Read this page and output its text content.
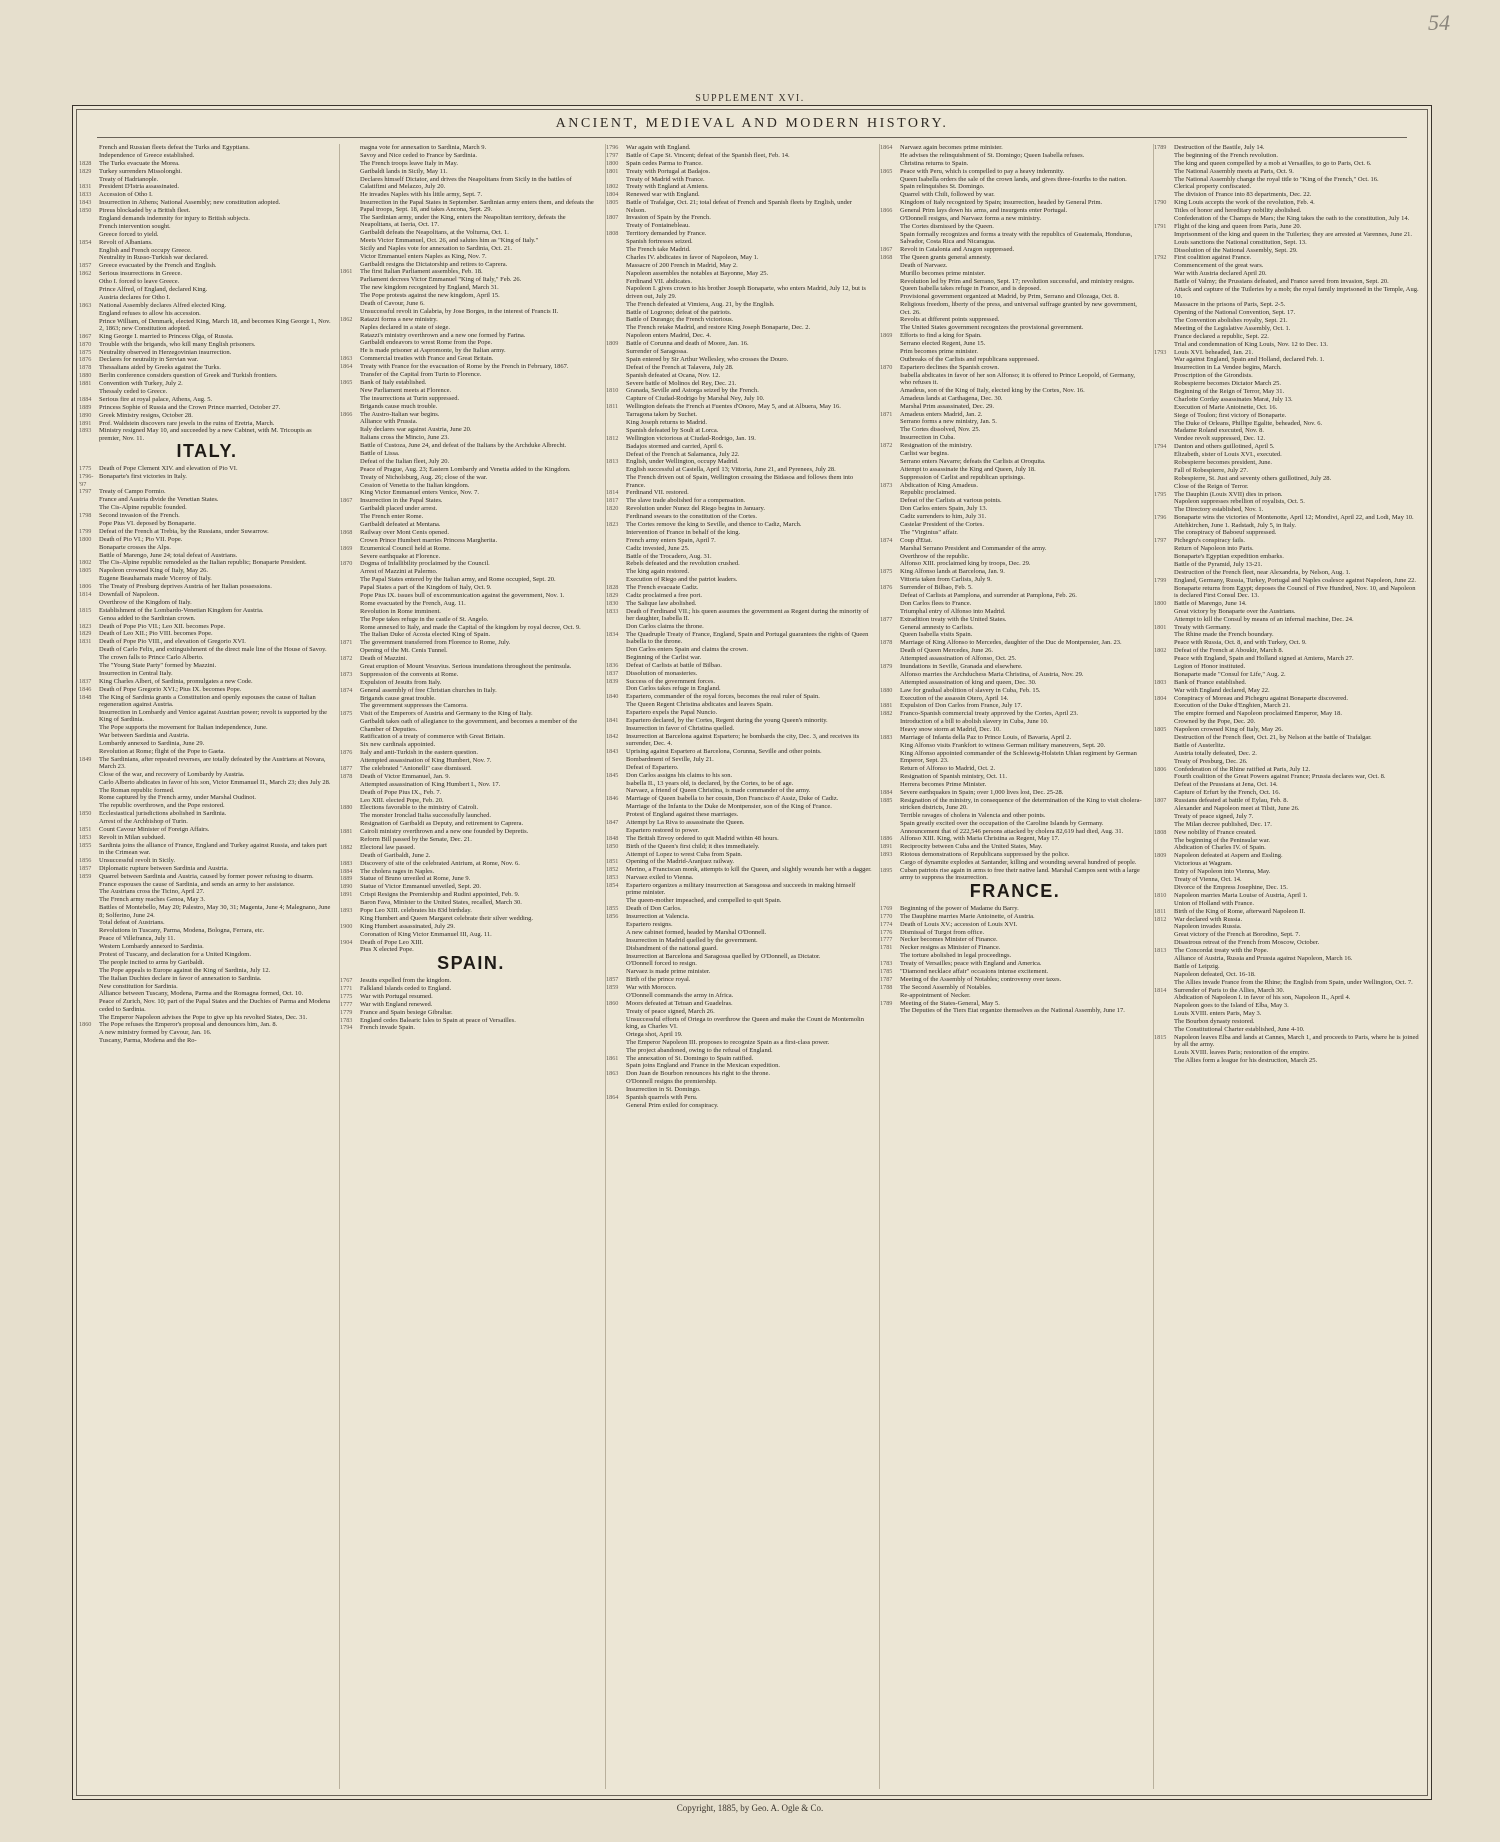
54
SUPPLEMENT XVI.
ANCIENT, MEDIEVAL AND MODERN HISTORY.
French and Russian fleets defeat the Turks and Egyptians.
Independence of Greece established.
1828	The Turks evacuate the Morea.
1829	Turkey surrenders Missolonghi.
Treaty of Hadrianople.
1831	President D'Istria assassinated.
1833	Accession of Otho I.
1843	Insurrection in Athens; National Assembly; new constitution adopted.
1850	Pireus blockaded by a British fleet.
England demands indemnity for injury to British subjects.
French intervention sought.
Greece forced to yield.
1854	Revolt of Albanians.
English and French occupy Greece.
Neutrality in Russo-Turkish war declared.
1857	Greece evacuated by the French and English.
1862	Serious insurrections in Greece.
Otho I. forced to leave Greece.
Prince Alfred, of England, declared King.
Austria declares for Otho I.
1863	National Assembly declares Alfred elected King.
England refuses to allow his accession.
Prince William, of Denmark, elected King, March 18, and becomes King George I., Nov. 2, 1863; new Constitution adopted.
1867	King George I. married to Princess Olga, of Russia.
1870	Trouble with the brigands, who kill many English prisoners.
1875	Neutrality observed in Herzegovinian insurrection.
1876	Declares for neutrality in Servian war.
1878	Thessalians aided by Greeks against the Turks.
1880	Berlin conference considers question of Greek and Turkish frontiers.
1881	Convention with Turkey, July 2.
Thessaly ceded to Greece.
1884	Serious fire at royal palace, Athens, Aug. 5.
1889	Princess Sophie of Russia and the Crown Prince married, October 27.
1890	Greek Ministry resigns, October 28.
1891	Prof. Waldstein discovers rare jewels in the ruins of Eretria, March.
1893	Ministry resigned May 10, and succeeded by a new Cabinet, with M. Tricoupis as premier, Nov. 11.
ITALY.
1775	Death of Pope Clement XIV. and elevation of Pio VI.
1796-'97
Bonaparte's first victories in Italy.
1797	Treaty of Campo Formio.
France and Austria divide the Venetian States.
The Cis-Alpine republic founded.
1798	Second invasion of the French.
Pope Pius VI. deposed by Bonaparte.
1799	Defeat of the French at Trebia, by the Russians, under Suwarrow.
1800	Death of Pio VI.; Pio VII. Pope.
Bonaparte crosses the Alps.
Battle of Marengo, June 24; total defeat of Austrians.
1802	The Cis-Alpine republic remodeled as the Italian republic; Bonaparte President.
1805	Napoleon crowned King of Italy, May 26.
Eugene Beauharnais made Viceroy of Italy.
1806	The Treaty of Presburg deprives Austria of her Italian possessions.
1814	Downfall of Napoleon.
Overthrow of the Kingdom of Italy.
1815	Establishment of the Lombardo-Venetian Kingdom for Austria.
Genoa added to the Sardinian crown.
1823	Death of Pope Pio VII.; Leo XII. becomes Pope.
1829	Death of Leo XII.; Pio VIII. becomes Pope.
1831	Death of Pope Pio VIII., and elevation of Gregorio XVI.
Death of Carlo Felix, and extinguishment of the direct male line of the House of Savoy.
The crown falls to Prince Carlo Alberto.
The "Young State Party" formed by Mazzini.
Insurrection in Central Italy.
1837	King Charles Albert, of Sardinia, promulgates a new Code.
1846	Death of Pope Gregorio XVI.; Pius IX. becomes Pope.
1848	The King of Sardinia grants a Constitution and openly espouses the cause of Italian regeneration against Austria.
Insurrection in Lombardy and Venice against Austrian power; revolt is supported by the King of Sardinia.
The Pope supports the movement for Italian independence, June.
War between Sardinia and Austria.
Lombardy annexed to Sardinia, June 29.
Revolution at Rome; flight of the Pope to Gaeta.
1849	The Sardinians, after repeated reverses, are totally defeated by the Austrians at Novara, March 23.
Close of the war, and recovery of Lombardy by Austria.
Carlo Alberto abdicates in favor of his son, Victor Emmanuel II., March 23; dies July 28.
The Roman republic formed.
Rome captured by the French army, under Marshal Oudinot.
The republic overthrown, and the Pope restored.
1850	Ecclesiastical jurisdictions abolished in Sardinia.
Arrest of the Archbishop of Turin.
1851	Count Cavour Minister of Foreign Affairs.
1853	Revolt in Milan subdued.
1855	Sardinia joins the alliance of France, England and Turkey against Russia, and takes part in the Crimean war.
1856	Unsuccessful revolt in Sicily.
1857	Diplomatic rupture between Sardinia and Austria.
1859	Quarrel between Sardinia and Austria, caused by former power refusing to disarm.
France espouses the cause of Sardinia, and sends an army to her assistance.
The Austrians cross the Ticino, April 27.
The French army reaches Genoa, May 3.
Battles of Montebello, May 20; Palestro, May 30, 31; Magenta, June 4; Malegnano, June 8; Solferino, June 24.
Total defeat of Austrians.
Revolutions in Tuscany, Parma, Modena, Bologna, Ferrara, etc.
Peace of Villefranca, July 11.
Western Lombardy annexed to Sardinia.
Protest of Tuscany, and declaration for a United Kingdom.
The people incited to arms by Garibaldi.
The Pope appeals to Europe against the King of Sardinia, July 12.
The Italian Duchies declare in favor of annexation to Sardinia.
New constitution for Sardinia.
Alliance between Tuscany, Modena, Parma and the Romagna formed, Oct. 10.
Peace of Zurich, Nov. 10; part of the Papal States and the Duchies of Parma and Modena ceded to Sardinia.
The Emperor Napoleon advises the Pope to give up his revolted States, Dec. 31.
1860	The Pope refuses the Emperor's proposal and denounces him, Jan. 8.
A new ministry formed by Cavour, Jan. 16.
Tuscany, Parma, Modena and the Ro-
magna vote for annexation to Sardinia, March 9.
Savoy and Nice ceded to France by Sardinia.
The French troops leave Italy in May.
Garibaldi lands in Sicily, May 11.
Declares himself Dictator, and drives the Neapolitans from Sicily in the battles of Calatifimi and Melazzo, July 20.
He invades Naples with his little army, Sept. 7.
Insurrection in the Papal States in September. Sardinian army enters them, and defeats the Papal troops, Sept. 18, and takes Ancona, Sept. 29.
The Sardinian army, under the King, enters the Neapolitan territory, defeats the Neapolitans, at Iseria, Oct. 17.
Garibaldi defeats the Neapolitans, at the Volturna, Oct. 1.
Meets Victor Emmanuel, Oct. 26, and salutes him as "King of Italy."
Sicily and Naples vote for annexation to Sardinia, Oct. 21.
Victor Emmanuel enters Naples as King, Nov. 7.
Garibaldi resigns the Dictatorship and retires to Caprera.
1861	The first Italian Parliament assembles, Feb. 18.
Parliament decrees Victor Emmanuel "King of Italy," Feb. 26.
The new kingdom recognized by England, March 31.
The Pope protests against the new kingdom, April 15.
Death of Cavour, June 6.
Unsuccessful revolt in Calabria, by Jose Borges, in the interest of Francis II.
1862	Ratazzi forms a new ministry.
Naples declared in a state of siege.
Ratazzi's ministry overthrown and a new one formed by Farina.
Garibaldi endeavors to wrest Rome from the Pope.
He is made prisoner at Aspromonte, by the Italian army.
1863	Commercial treaties with France and Great Britain.
1864	Treaty with France for the evacuation of Rome by the French in February, 1867.
Transfer of the Capital from Turin to Florence.
1865	Bank of Italy established.
New Parliament meets at Florence.
The insurrections at Turin suppressed.
Brigands cause much trouble.
1866	The Austro-Italian war begins.
Alliance with Prussia.
Italy declares war against Austria, June 20.
Italians cross the Mincio, June 23.
Battle of Custoza, June 24, and defeat of the Italians by the Archduke Albrecht.
Battle of Lissa.
Defeat of the Italian fleet, July 20.
Peace of Prague, Aug. 23; Eastern Lombardy and Venetia added to the Kingdom.
Treaty of Nicholsburg, Aug. 26; close of the war.
Cession of Venetia to the Italian kingdom.
King Victor Emmanuel enters Venice, Nov. 7.
1867	Insurrection in the Papal States.
Garibaldi placed under arrest.
The French enter Rome.
Garibaldi defeated at Mentana.
1868	Railway over Mont Cenis opened.
Crown Prince Humbert marries Princess Margherita.
1869	Ecumenical Council held at Rome.
Severe earthquake at Florence.
1870	Dogma of Infallibility proclaimed by the Council.
Arrest of Mazzini at Palermo.
The Papal States entered by the Italian army, and Rome occupied, Sept. 20.
Papal States a part of the Kingdom of Italy, Oct. 9.
Pope Pius IX. issues bull of excommunication against the government, Nov. 1.
Rome evacuated by the French, Aug. 11.
Revolution in Rome imminent.
The Pope takes refuge in the castle of St. Angelo.
Rome annexed to Italy, and made the Capital of the kingdom by royal decree, Oct. 9.
The Italian Duke of Acosta elected King of Spain.
1871	The government transferred from Florence to Rome, July.
Opening of the Mt. Cenis Tunnel.
1872	Death of Mazzini.
Great eruption of Mount Vesuvius. Serious inundations throughout the peninsula.
1873	Suppression of the convents at Rome.
Expulsion of Jesuits from Italy.
1874	General assembly of free Christian churches in Italy.
Brigands cause great trouble.
The government suppresses the Camorra.
1875	Visit of the Emperors of Austria and Germany to the King of Italy.
Garibaldi takes oath of allegiance to the government, and becomes a member of the Chamber of Deputies.
Ratification of a treaty of commerce with Great Britain.
Six new cardinals appointed.
1876	Italy and anti-Turkish in the eastern question.
Attempted assassination of King Humbert, Nov. 7.
1877	The celebrated "Antonelli" case dismissed.
1878	Death of Victor Emmanuel, Jan. 9.
Attempted assassination of King Humbert I., Nov. 17.
Death of Pope Pius IX., Feb. 7.
Leo XIII. elected Pope, Feb. 20.
1880	Elections favorable to the ministry of Cairoli.
The monster Ironclad Italia successfully launched.
Resignation of Garibaldi as Deputy, and retirement to Caprera.
1881	Cairoli ministry overthrown and a new one founded by Depretis.
Reform Bill passed by the Senate, Dec. 21.
1882	Electoral law passed.
Death of Garibaldi, June 2.
1883	Discovery of site of the celebrated Antrium, at Rome, Nov. 6.
1884	The cholera rages in Naples.
1889	Statue of Bruno unveiled at Rome, June 9.
1890	Statue of Victor Emmanuel unveiled, Sept. 20.
1891	Crispi Resigns the Premiership and Rudini appointed, Feb. 9.
Baron Fava, Minister to the United States, recalled, March 30.
1893	Pope Leo XIII. celebrates his 83d birthday.
King Humbert and Queen Margaret celebrate their silver wedding.
1900	King Humbert assassinated, July 29.
Coronation of King Victor Emmanuel III, Aug. 11.
1904	Death of Pope Leo XIII.
Pius X elected Pope.
SPAIN.
1767	Jesuits expelled from the kingdom.
1771	Falkland Islands ceded to England.
1775	War with Portugal resumed.
1777	War with England renewed.
1779	France and Spain besiege Gibraltar.
1783	England cedes Balearic Isles to Spain at peace of Versailles.
1794	French invade Spain.
1796	War again with England.
1797	Battle of Cape St. Vincent; defeat of the Spanish fleet, Feb. 14.
1800	Spain cedes Parma to France.
1801	Treaty with Portugal at Badajos.
Treaty of Madrid with France.
1802	Treaty with England at Amiens.
1804	Renewed war with England.
1805	Battle of Trafalgar, Oct. 21; total defeat of French and Spanish fleets by English, under Nelson.
1807	Invasion of Spain by the French.
Treaty of Fontainebleau.
1808	Territory demanded by France.
Spanish fortresses seized.
The French take Madrid.
Charles IV. abdicates in favor of Napoleon, May 1.
Massacre of 200 French in Madrid, May 2.
Napoleon assembles the notables at Bayonne, May 25.
Ferdinand VII. abdicates.
Napoleon I. gives crown to his brother Joseph Bonaparte, who enters Madrid, July 12, but is driven out, July 29.
The French defeated at Vimiera, Aug. 21, by the English.
Battle of Logrono; defeat of the patriots.
Battle of Durango; the French victorious.
The French retake Madrid, and restore King Joseph Bonaparte, Dec. 2.
Napoleon enters Madrid, Dec. 4.
1809	Battle of Corunna and death of Moore, Jan. 16.
Surrender of Saragossa.
Spain entered by Sir Arthur Wellesley, who crosses the Douro.
Defeat of the French at Talavera, July 28.
Spanish defeated at Ocana, Nov. 12.
Severe battle of Molinos del Rey, Dec. 21.
1810	Granada, Seville and Astorga seized by the French.
Capture of Ciudad-Rodrigo by Marshal Ney, July 10.
1811	Wellington defeats the French at Fuentes d'Onoro, May 5, and at Albuera, May 16.
Tarragona taken by Suchet.
King Joseph returns to Madrid.
Spanish defeated by Soult at Lorca.
1812	Wellington victorious at Ciudad-Rodrigo, Jan. 19.
Badajos stormed and carried, April 6.
Defeat of the French at Salamanca, July 22.
1813	English, under Wellington, occupy Madrid.
English successful at Castella, April 13; Vittoria, June 21, and Pyrenees, July 28.
The French driven out of Spain, Wellington crossing the Bidasoa and follows them into France.
1814	Ferdinand VII. restored.
1817	The slave trade abolished for a compensation.
1820	Revolution under Nunez del Riego begins in January.
Ferdinand swears to the constitution of the Cortes.
1823	The Cortes remove the king to Seville, and thence to Cadiz, March.
Intervention of France in behalf of the king.
French army enters Spain, April 7.
Cadiz invested, June 25.
Battle of the Trocadero, Aug. 31.
Rebels defeated and the revolution crushed.
The king again restored.
Execution of Riego and the patriot leaders.
1828	The French evacuate Cadiz.
1829	Cadiz proclaimed a free port.
1830	The Salique law abolished.
1833	Death of Ferdinand VII.; his queen assumes the government as Regent during the minority of her daughter, Isabella II.
Don Carlos claims the throne.
1834	The Quadruple Treaty of France, England, Spain and Portugal guarantees the rights of Queen Isabella to the throne.
Don Carlos enters Spain and claims the crown.
Beginning of the Carlist war.
1836	Defeat of Carlists at battle of Bilbao.
1837	Dissolution of monasteries.
1839	Success of the government forces.
Don Carlos takes refuge in England.
1840	Espartero, commander of the royal forces, becomes the real ruler of Spain.
The Queen Regent Christina abdicates and leaves Spain.
Espartero expels the Papal Nuncio.
1841	Espartero declared, by the Cortes, Regent during the young Queen's minority.
Insurrection in favor of Christina quelled.
1842	Insurrection at Barcelona against Espartero; he bombards the city, Dec. 3, and receives its surrender, Dec. 4.
1843	Uprising against Espartero at Barcelona, Corunna, Seville and other points.
Bombardment of Seville, July 21.
Defeat of Espartero.
1845	Don Carlos assigns his claims to his son.
Isabella II., 13 years old, is declared, by the Cortes, to be of age.
Narvaez, a friend of Queen Christina, is made commander of the army.
1846	Marriage of Queen Isabella to her cousin, Don Francisco d' Assiz, Duke of Cadiz.
Marriage of the Infanta to the Duke de Montpensier, son of the King of France.
Protest of England against these marriages.
1847	Attempt by La Riva to assassinate the Queen.
Espartero restored to power.
1848	The British Envoy ordered to quit Madrid within 48 hours.
1850	Birth of the Queen's first child; it dies immediately.
Attempt of Lopez to wrest Cuba from Spain.
1851	Opening of the Madrid-Aranjuez railway.
1852	Merino, a Franciscan monk, attempts to kill the Queen, and slightly wounds her with a dagger.
1853	Narvaez exiled to Vienna.
1854	Espartero organizes a military insurrection at Saragossa and succeeds in making himself prime minister.
The queen-mother impeached, and compelled to quit Spain.
1855	Death of Don Carlos.
1856	Insurrection at Valencia.
Espartero resigns.
A new cabinet formed, headed by Marshal O'Donnell.
Insurrection in Madrid quelled by the government.
Disbandment of the national guard.
Insurrection at Barcelona and Saragossa quelled by O'Donnell, as Dictator.
O'Donnell forced to resign.
Narvaez is made prime minister.
1857	Birth of the prince royal.
1859	War with Morocco.
O'Donnell commands the army in Africa.
1860	Moors defeated at Tetuan and Guadelras.
Treaty of peace signed, March 26.
Unsuccessful efforts of Ortega to overthrow the Queen and make the Count de Montemolin king, as Charles VI.
Ortega shot, April 19.
The Emperor Napoleon III. proposes to recognize Spain as a first-class power.
The project abandoned, owing to the refusal of England.
1861	The annexation of St. Domingo to Spain ratified.
Spain joins England and France in the Mexican expedition.
1863	Don Juan de Bourbon renounces his right to the throne.
O'Donnell resigns the premiership.
Insurrection in St. Domingo.
1864	Spanish quarrels with Peru.
General Prim exiled for conspiracy.
1864	Narvaez again becomes prime minister.
He advises the relinquishment of St. Domingo; Queen Isabella refuses.
Christina returns to Spain.
1865	Peace with Peru, which is compelled to pay a heavy indemnity.
Queen Isabella orders the sale of the crown lands, and gives three-fourths to the nation.
Spain relinquishes St. Domingo.
Quarrel with Chili, followed by war.
Kingdom of Italy recognized by Spain; insurrection, headed by General Prim.
1866	General Prim lays down his arms, and insurgents enter Portugal.
O'Donnell resigns, and Narvaez forms a new ministry.
The Cortes dismissed by the Queen.
Spain formally recognizes and forms a treaty with the republics of Guatemala, Honduras, Salvador, Costa Rica and Nicaragua.
1867	Revolt in Catalonia and Aragon suppressed.
1868	The Queen grants general amnesty.
Death of Narvaez.
Murillo becomes prime minister.
Revolution led by Prim and Serrano, Sept. 17; revolution successful, and ministry resigns.
Queen Isabella takes refuge in France, and is deposed.
Provisional government organized at Madrid, by Prim, Serrano and Olozaga, Oct. 8.
Religious freedom, liberty of the press, and universal suffrage granted by new government, Oct. 26.
Revolts at different points suppressed.
The United States government recognizes the provisional government.
1869	Efforts to find a king for Spain.
Serrano elected Regent, June 15.
Prim becomes prime minister.
Outbreaks of the Carlists and republicans suppressed.
1870	Espartero declines the Spanish crown.
Isabella abdicates in favor of her son Alfonso; it is offered to Prince Leopold, of Germany, who refuses it.
Amadeus, son of the King of Italy, elected king by the Cortes, Nov. 16.
Amadeus lands at Carthagena, Dec. 30.
Marshal Prim assassinated, Dec. 29.
1871	Amadeus enters Madrid, Jan. 2.
Serrano forms a new ministry, Jan. 5.
The Cortes dissolved, Nov. 25.
Insurrection in Cuba.
1872	Resignation of the ministry.
Carlist war begins.
Serrano enters Navarre; defeats the Carlists at Oroquita.
Attempt to assassinate the King and Queen, July 18.
Suppression of Carlist and republican uprisings.
1873	Abdication of King Amadeus.
Republic proclaimed.
Defeat of the Carlists at various points.
Don Carlos enters Spain, July 13.
Cadiz surrenders to him, July 31.
Castelar President of the Cortes.
The "Virginius" affair.
1874	Coup d'Etat.
Marshal Serrano President and Commander of the army.
Overthrow of the republic.
Alfonso XIII. proclaimed king by troops, Dec. 29.
1875	King Alfonso lands at Barcelona, Jan. 9.
Vittoria taken from Carlists, July 9.
1876	Surrender of Bilbao, Feb. 5.
Defeat of Carlists at Pamplona, and surrender at Pamplona, Feb. 26.
Don Carlos flees to France.
Triumphal entry of Alfonso into Madrid.
1877	Extradition treaty with the United States.
General amnesty to Carlists.
Queen Isabella visits Spain.
1878	Marriage of King Alfonso to Mercedes, daughter of the Duc de Montpensier, Jan. 23.
Death of Queen Mercedes, June 26.
Attempted assassination of Alfonso, Oct. 25.
1879	Inundations in Seville, Granada and elsewhere.
Alfonso marries the Archduchess Maria Christina, of Austria, Nov. 29.
Attempted assassination of king and queen, Dec. 30.
1880	Law for gradual abolition of slavery in Cuba, Feb. 15.
Execution of the assassin Otero, April 14.
1881	Expulsion of Don Carlos from France, July 17.
1882	Franco-Spanish commercial treaty approved by the Cortes, April 23.
Introduction of a bill to abolish slavery in Cuba, June 10.
Heavy snow storm at Madrid, Dec. 10.
1883	Marriage of Infanta della Paz to Prince Louis, of Bavaria, April 2.
King Alfonso visits Frankfort to witness German military maneuvers, Sept. 20.
King Alfonso appointed commander of the Schleswig-Holstein Uhlan regiment by German Emperor, Sept. 23.
Return of Alfonso to Madrid, Oct. 2.
Resignation of Spanish ministry, Oct. 11.
Herrera becomes Prime Minister.
1884	Severe earthquakes in Spain; over 1,000 lives lost, Dec. 25-28.
1885	Resignation of the ministry, in consequence of the determination of the King to visit cholera-stricken districts, June 20.
Terrible ravages of cholera in Valencia and other points.
Spain greatly excited over the occupation of the Caroline Islands by Germany.
Announcement that of 222,546 persons attacked by cholera 82,619 had died, Aug. 31.
1886	Alfonso XIII. King, with Maria Christina as Regent, May 17.
1891	Reciprocity between Cuba and the United States, May.
1893	Riotous demonstrations of Republicans suppressed by the police.
Cargo of dynamite explodes at Santander, killing and wounding several hundred of people.
1895	Cuban patriots rise again in arms to free their native land. Marshal Campos sent with a large army to suppress the insurrection.
FRANCE.
1769	Beginning of the power of Madame du Barry.
1770	The Dauphine marries Marie Antoinette, of Austria.
1774	Death of Louis XV.; accession of Louis XVI.
1776	Dismissal of Turgot from office.
1777	Necker becomes Minister of Finance.
1781	Necker resigns as Minister of Finance.
The torture abolished in legal proceedings.
1783	Treaty of Versailles; peace with England and America.
1785	"Diamond necklace affair" occasions intense excitement.
1787	Meeting of the Assembly of Notables; controversy over taxes.
1788	The Second Assembly of Notables.
Re-appointment of Necker.
1789	Meeting of the States-General, May 5.
The Deputies of the Tiers Etat organize themselves as the National Assembly, June 17.
1789	Destruction of the Bastile, July 14.
The beginning of the French revolution.
The king and queen compelled by a mob at Versailles, to go to Paris, Oct. 6.
The National Assembly meets at Paris, Oct. 9.
The National Assembly change the royal title to "King of the French," Oct. 16.
Clerical property confiscated.
The division of France into 83 departments, Dec. 22.
1790	King Louis accepts the work of the revolution, Feb. 4.
Titles of honor and hereditary nobility abolished.
Confederation of the Champs de Mars; the King takes the oath to the constitution, July 14.
1791	Flight of the king and queen from Paris, June 20.
Imprisonment of the king and queen in the Tuileries; they are arrested at Varennes, June 21.
Louis sanctions the National constitution, Sept. 13.
Dissolution of the National Assembly, Sept. 29.
1792	First coalition against France.
Commencement of the great wars.
War with Austria declared April 20.
Battle of Valmy; the Prussians defeated, and France saved from invasion, Sept. 20.
Attack and capture of the Tuileries by a mob; the royal family imprisoned in the Temple, Aug. 10.
Massacre in the prisons of Paris, Sept. 2-5.
Opening of the National Convention, Sept. 17.
The Convention abolishes royalty, Sept. 21.
Meeting of the Legislative Assembly, Oct. 1.
France declared a republic, Sept. 22.
Trial and condemnation of King Louis, Nov. 12 to Dec. 13.
1793	Louis XVI. beheaded, Jan. 21.
War against England, Spain and Holland, declared Feb. 1.
Insurrection in La Vendee begins, March.
Proscription of the Girondists.
Robespierre becomes Dictator March 25.
Beginning of the Reign of Terror, May 31.
Charlotte Corday assassinates Marat, July 13.
Execution of Marie Antoinette, Oct. 16.
Siege of Toulon; first victory of Bonaparte.
The Duke of Orleans, Phillipe Egalite, beheaded, Nov. 6.
Madame Roland executed, Nov. 8.
Vendee revolt suppressed, Dec. 12.
1794	Danton and others guillotined, April 5.
Elizabeth, sister of Louis XVI., executed.
Robespierre becomes president, June.
Fall of Robespierre, July 27.
Robespierre, St. Just and seventy others guillotined, July 28.
Close of the Reign of Terror.
1795	The Dauphin (Louis XVII) dies in prison.
Napoleon suppresses rebellion of royalists, Oct. 5.
The Directory established, Nov. 1.
1796	Bonaparte wins the victories of Montenotte, April 12; Mondivi, April 22, and Lodi, May 10. Attehkirchen, June 1. Radstadt, July 5, in Italy.
The conspiracy of Baboeuf suppressed.
1797	Pichegru's conspiracy fails.
Return of Napoleon into Paris.
Bonaparte's Egyptian expedition embarks.
Battle of the Pyramid, July 13-21.
Destruction of the French fleet, near Alexandria, by Nelson, Aug. 1.
1799	England, Germany, Russia, Turkey, Portugal and Naples coalesce against Napoleon, June 22.
Bonaparte returns from Egypt; deposes the Council of Five Hundred, Nov. 10, and Napoleon is declared First Consul Dec. 13.
1800	Battle of Marengo, June 14.
Great victory by Bonaparte over the Austrians.
Attempt to kill the Consul by means of an infernal machine, Dec. 24.
1801	Treaty with Germany.
The Rhine made the French boundary.
Peace with Russia, Oct. 8, and with Turkey, Oct. 9.
1802	Defeat of the French at Aboukir, March 8.
Peace with England, Spain and Holland signed at Amiens, March 27.
Legion of Honor instituted.
Bonaparte made "Consul for Life," Aug. 2.
1803	Bank of France established.
War with England declared, May 22.
1804	Conspiracy of Moreau and Pichegru against Bonaparte discovered.
Execution of the Duke d'Enghien, March 21.
The empire formed and Napoleon proclaimed Emperor, May 18.
Crowned by the Pope, Dec. 20.
1805	Napoleon crowned King of Italy, May 26.
Destruction of the French fleet, Oct. 21, by Nelson at the battle of Trafalgar.
Battle of Austerlitz.
Austria totally defeated, Dec. 2.
Treaty of Presburg, Dec. 26.
1806	Confederation of the Rhine ratified at Paris, July 12.
Fourth coalition of the Great Powers against France; Prussia declares war, Oct. 8.
Defeat of the Prussians at Jena, Oct. 14.
Capture of Erfurt by the French, Oct. 16.
1807	Russians defeated at battle of Eylau, Feb. 8.
Alexander and Napoleon meet at Tilsit, June 26.
Treaty of peace signed, July 7.
The Milan decree published, Dec. 17.
1808	New nobility of France created.
The beginning of the Peninsular war.
Abdication of Charles IV. of Spain.
1809	Napoleon defeated at Aspern and Essling.
Victorious at Wagram.
Entry of Napoleon into Vienna, May.
Treaty of Vienna, Oct. 14.
Divorce of the Empress Josephine, Dec. 15.
1810	Napoleon marries Maria Louise of Austria, April 1.
Union of Holland with France.
1811	Birth of the King of Rome, afterward Napoleon II.
1812	War declared with Russia.
Napoleon invades Russia.
Great victory of the French at Borodino, Sept. 7.
Disastrous retreat of the French from Moscow, October.
1813	The Concordat treaty with the Pope.
Alliance of Austria, Russia and Prussia against Napoleon, March 16.
Battle of Leipzig.
Napoleon defeated, Oct. 16-18.
The Allies invade France from the Rhine; the English from Spain, under Wellington, Oct. 7.
1814	Surrender of Paris to the Allies, March 30.
Abdication of Napoleon I. in favor of his son, Napoleon II., April 4.
Napoleon goes to the Island of Elba, May 3.
Louis XVIII. enters Paris, May 3.
The Bourbon dynasty restored.
The Constitutional Charter established, June 4-10.
1815	Napoleon leaves Elba and lands at Cannes, March 1, and proceeds to Paris, where he is joined by all the army.
Louis XVIII. leaves Paris; restoration of the empire.
The Allies form a league for his destruction, March 25.
Copyright, 1885, by Geo. A. Ogle & Co.
